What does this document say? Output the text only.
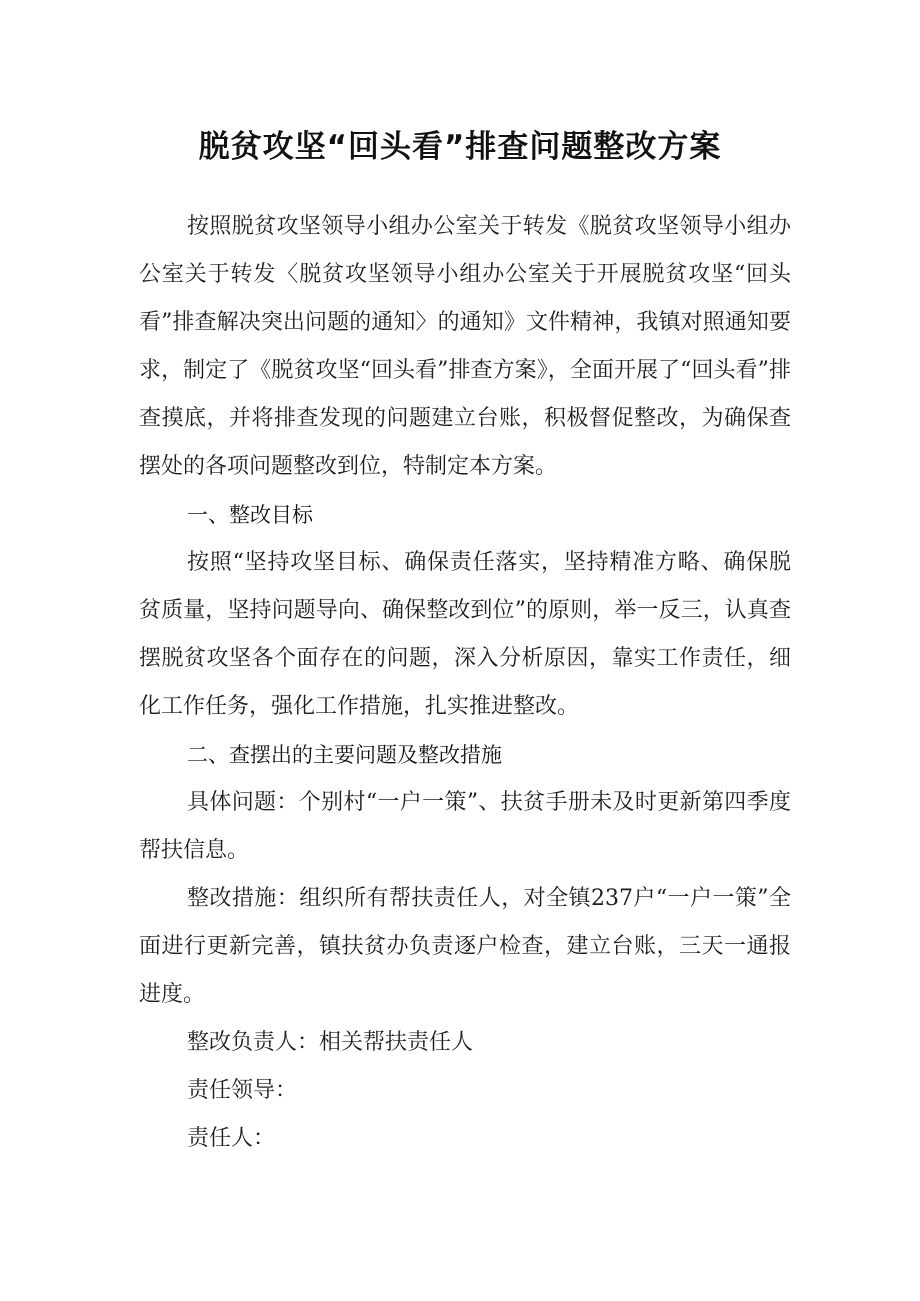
脱贫攻坚“回头看”排查问题整改方案

按照脱贫攻坚领导小组办公室关于转发《脱贫攻坚领导小组办公室关于转发〈脱贫攻坚领导小组办公室关于开展脱贫攻坚“回头看”排查解决突出问题的通知〉的通知》文件精神，我镇对照通知要求，制定了《脱贫攻坚“回头看”排查方案》，全面开展了“回头看”排查摸底，并将排查发现的问题建立台账，积极督促整改，为确保查摆处的各项问题整改到位，特制定本方案。

一、整改目标

按照“坚持攻坚目标、确保责任落实，坚持精准方略、确保脱贫质量，坚持问题导向、确保整改到位”的原则，举一反三，认真查摆脱贫攻坚各个面存在的问题，深入分析原因，靠实工作责任，细化工作任务，强化工作措施，扎实推进整改。

二、查摆出的主要问题及整改措施

具体问题：个别村“一户一策”、扶贫手册未及时更新第四季度帮扶信息。

整改措施：组织所有帮扶责任人，对全镇237户“一户一策”全面进行更新完善，镇扶贫办负责逐户检查，建立台账，三天一通报进度。

整改负责人：相关帮扶责任人

责任领导：

责任人：
